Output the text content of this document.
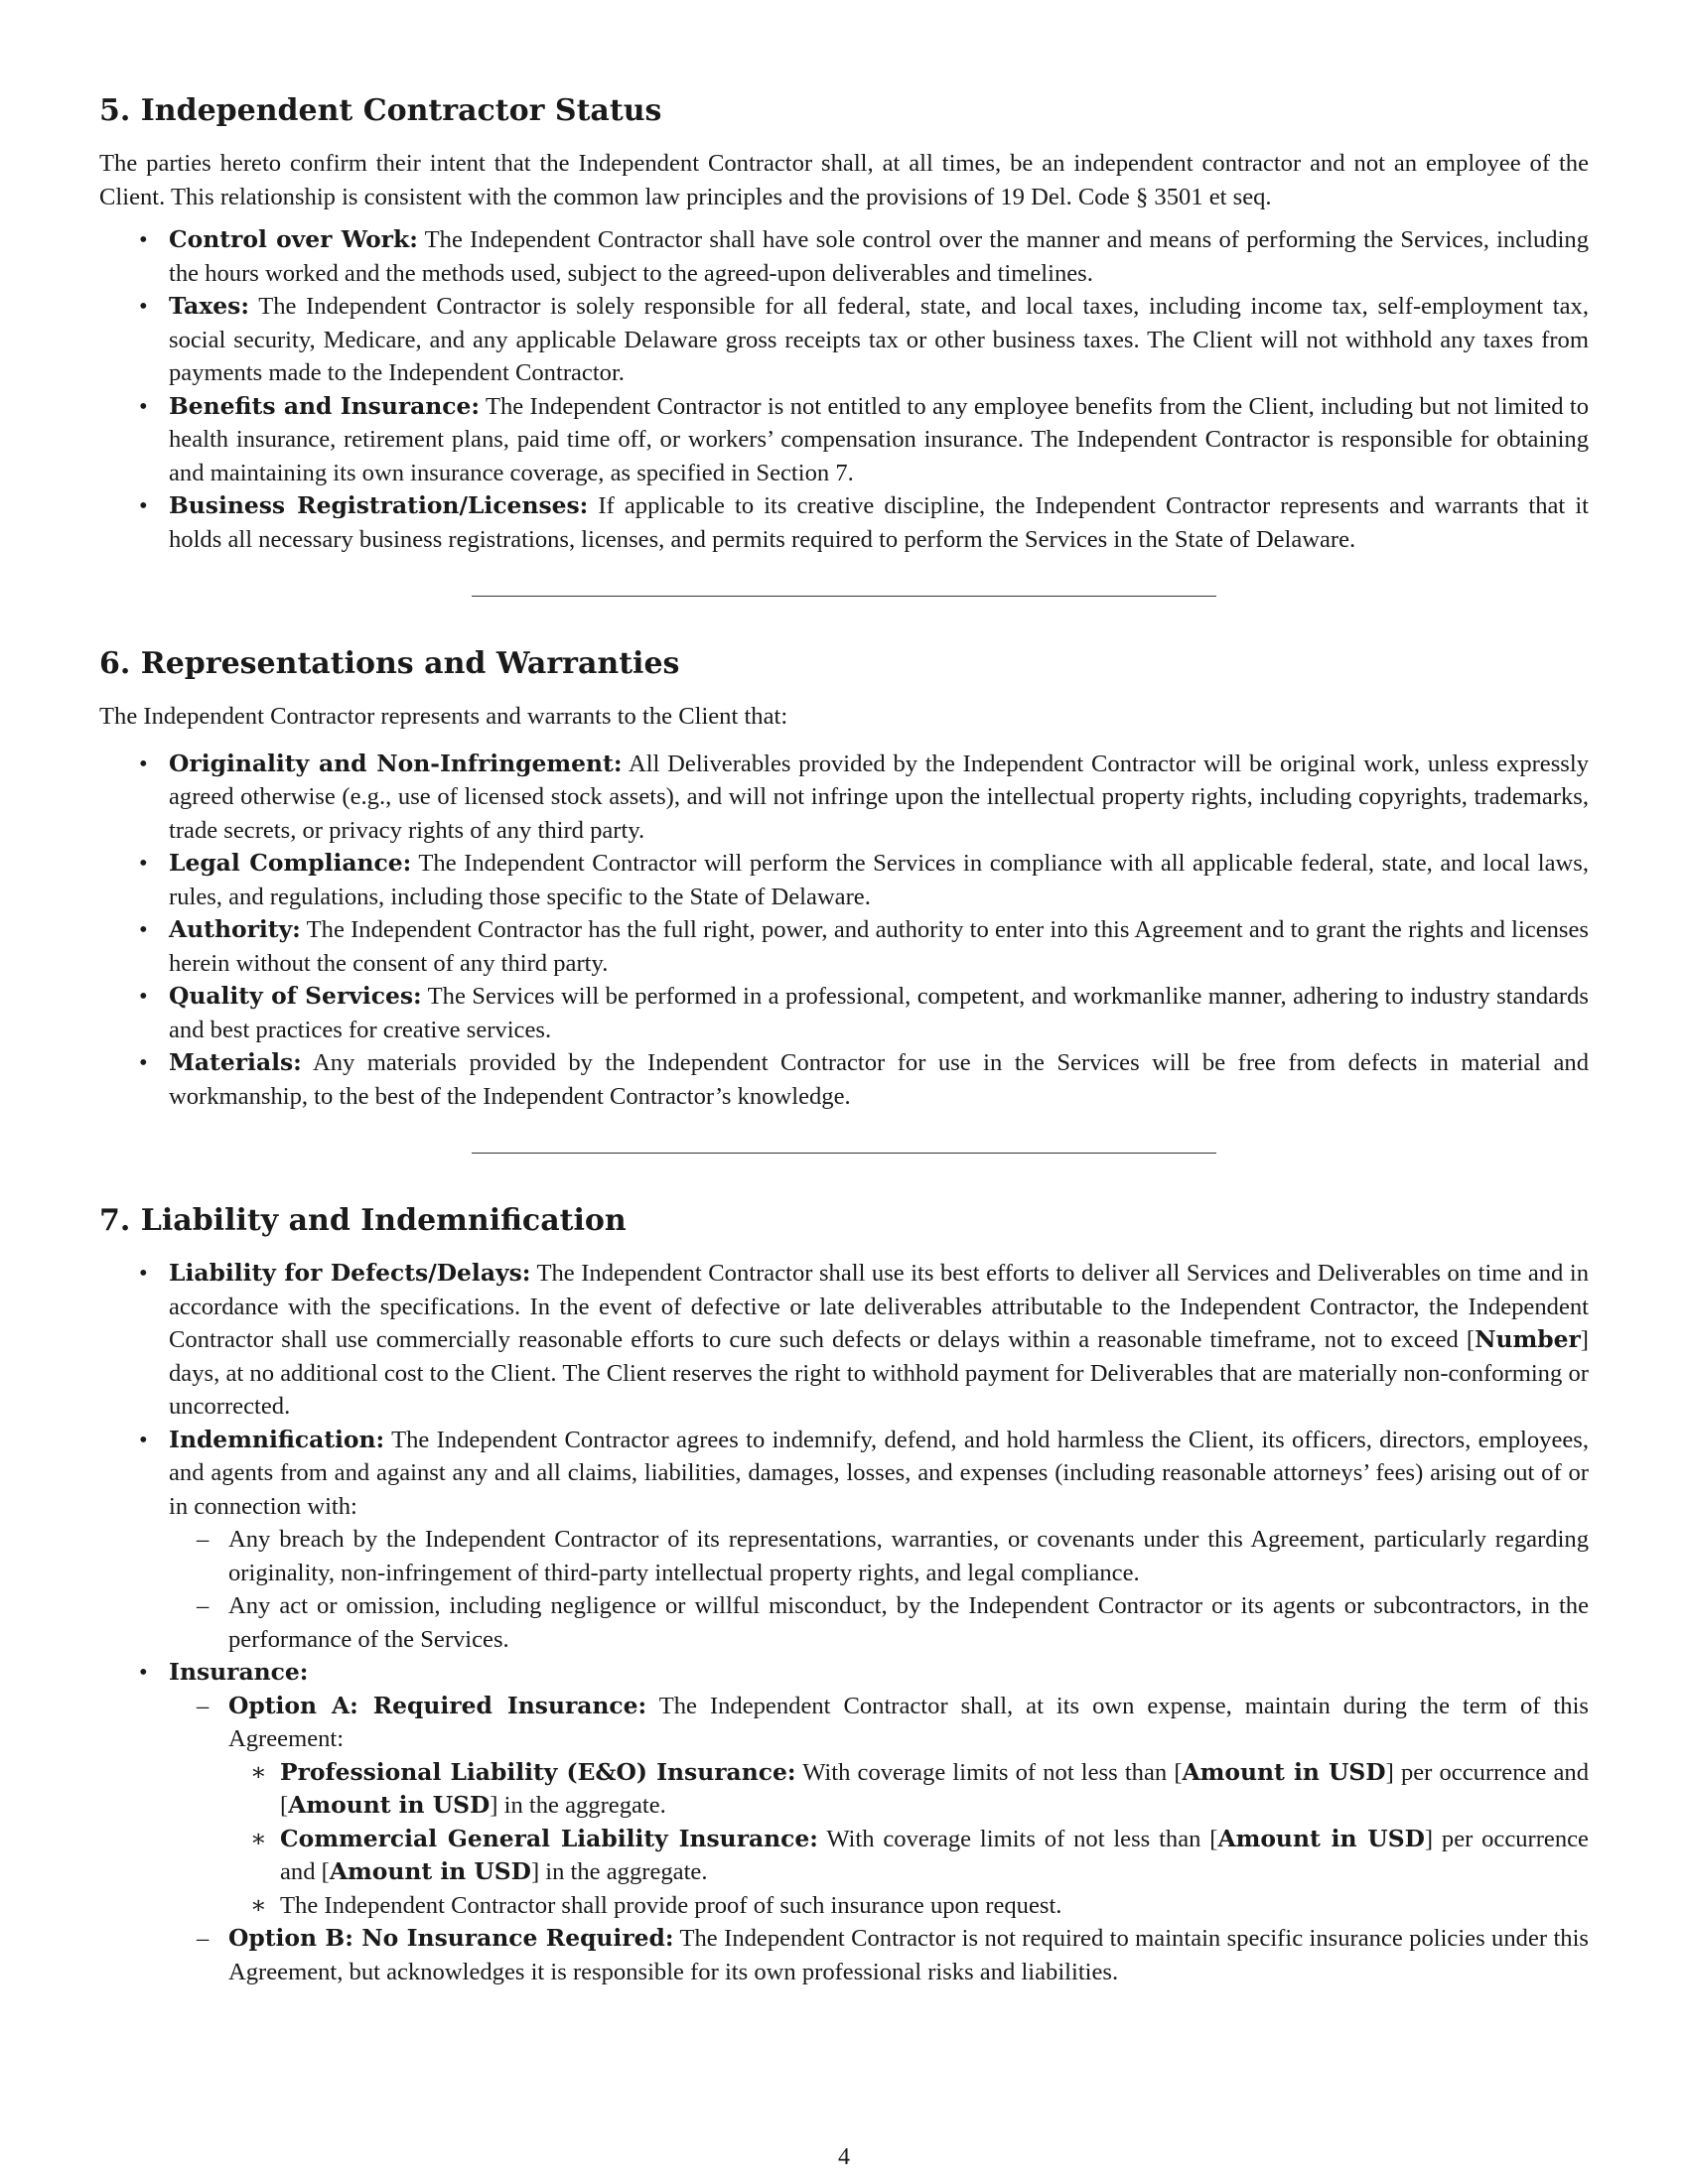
5. Independent Contractor Status

The parties hereto confirm their intent that the Independent Contractor shall, at all times, be an independent contractor and not an employee of the Client. This relationship is consistent with the common law principles and the provisions of 19 Del. Code § 3501 et seq.

• Control over Work: The Independent Contractor shall have sole control over the manner and means of performing the Services, including the hours worked and the methods used, subject to the agreed-upon deliverables and timelines.
• Taxes: The Independent Contractor is solely responsible for all federal, state, and local taxes, including income tax, self-employment tax, social security, Medicare, and any applicable Delaware gross receipts tax or other business taxes. The Client will not withhold any taxes from payments made to the Independent Contractor.
• Benefits and Insurance: The Independent Contractor is not entitled to any employee benefits from the Client, including but not limited to health insurance, retirement plans, paid time off, or workers’ compensation insurance. The Independent Contractor is responsible for obtaining and maintaining its own insurance coverage, as specified in Section 7.
• Business Registration/Licenses: If applicable to its creative discipline, the Independent Contractor represents and warrants that it holds all necessary business registrations, licenses, and permits required to perform the Services in the State of Delaware.
6. Representations and Warranties

The Independent Contractor represents and warrants to the Client that:

• Originality and Non-Infringement: All Deliverables provided by the Independent Contractor will be original work, unless expressly agreed otherwise (e.g., use of licensed stock assets), and will not infringe upon the intellectual property rights, including copyrights, trademarks, trade secrets, or privacy rights of any third party.
• Legal Compliance: The Independent Contractor will perform the Services in compliance with all applicable federal, state, and local laws, rules, and regulations, including those specific to the State of Delaware.
• Authority: The Independent Contractor has the full right, power, and authority to enter into this Agreement and to grant the rights and licenses herein without the consent of any third party.
• Quality of Services: The Services will be performed in a professional, competent, and workmanlike manner, adhering to industry standards and best practices for creative services.
• Materials: Any materials provided by the Independent Contractor for use in the Services will be free from defects in material and workmanship, to the best of the Independent Contractor’s knowledge.
7. Liability and Indemnification
• Liability for Defects/Delays: The Independent Contractor shall use its best efforts to deliver all Services and Deliverables on time and in accordance with the specifications. In the event of defective or late deliverables attributable to the Independent Contractor, the Independent Contractor shall use commercially reasonable efforts to cure such defects or delays within a reasonable timeframe, not to exceed [Number] days, at no additional cost to the Client. The Client reserves the right to withhold payment for Deliverables that are materially non-conforming or uncorrected.
• Indemnification: The Independent Contractor agrees to indemnify, defend, and hold harmless the Client, its officers, directors, employees, and agents from and against any and all claims, liabilities, damages, losses, and expenses (including reasonable attorneys’ fees) arising out of or in connection with:
– Any breach by the Independent Contractor of its representations, warranties, or covenants under this Agreement, particularly regarding originality, non-infringement of third-party intellectual property rights, and legal compliance.
– Any act or omission, including negligence or willful misconduct, by the Independent Contractor or its agents or subcontractors, in the performance of the Services.
• Insurance:
– Option A: Required Insurance: The Independent Contractor shall, at its own expense, maintain during the term of this Agreement:
∗ Professional Liability (E&O) Insurance: With coverage limits of not less than [Amount in USD] per occurrence and [Amount in USD] in the aggregate.
∗ Commercial General Liability Insurance: With coverage limits of not less than [Amount in USD] per occurrence and [Amount in USD] in the aggregate.
∗ The Independent Contractor shall provide proof of such insurance upon request.
– Option B: No Insurance Required: The Independent Contractor is not required to maintain specific insurance policies under this Agreement, but acknowledges it is responsible for its own professional risks and liabilities.
4
